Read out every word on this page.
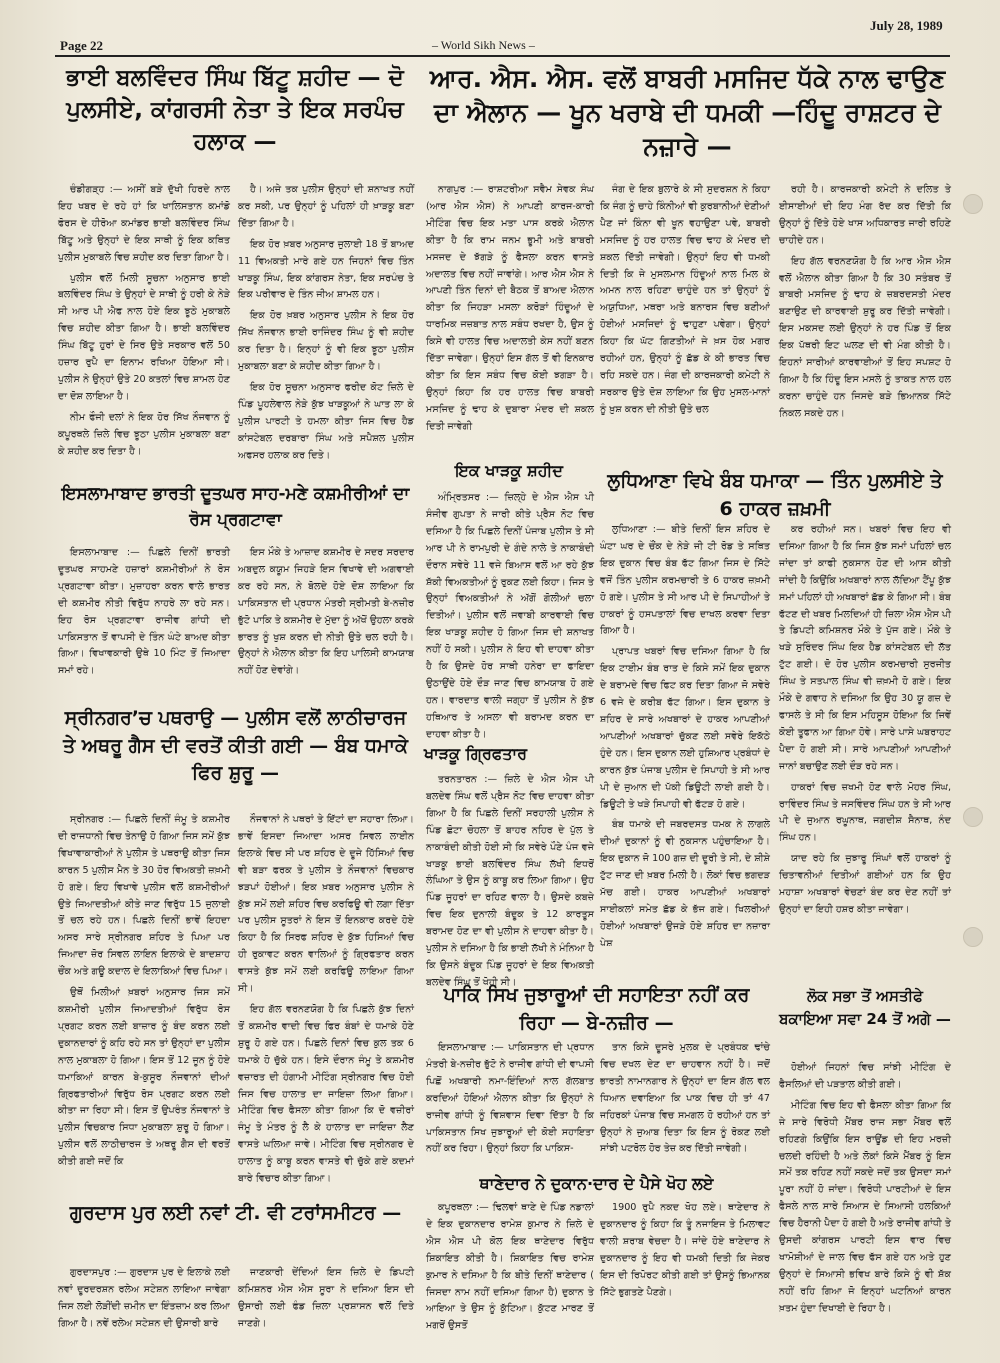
Page 22	– World Sikh News –
July 28, 1989
ਭਾਈ ਬਲਵਿੰਦਰ ਸਿੰਘ ਬਿੱਟੂ ਸ਼ਹੀਦ — ਦੋ ਪੁਲਸੀਏ, ਕਾਂਗਰਸੀ ਨੇਤਾ ਤੇ ਇਕ ਸਰਪੰਚ ਹਲਾਕ —

ਚੰਡੀਗੜ੍ਹ :— ਅਸੀਂ ਬੜੇ ਦੁੱਖੀ ਹਿਰਦੇ ਨਾਲ ਇਹ ਖਬਰ ਦੇ ਰਹੇ ਹਾਂ ਕਿ ਖਾਲਿਸਤਾਨ ਕਮਾਂਡੋ ਫੋਰਸ ਦੇ ਹੀਰੋਆ ਕਮਾਂਡਰ ਭਾਈ ਬਲਵਿੰਦਰ ਸਿੰਘ ਬਿੱਟੂ ਅਤੇ ਉਨ੍ਹਾਂ ਦੇ ਇਕ ਸਾਥੀ ਨੂੰ ਇਕ ਕਥਿਤ ਪੁਲੀਸ ਮੁਕਾਬਲੇ ਵਿਚ ਸ਼ਹੀਦ ਕਰ ਦਿਤਾ ਗਿਆ ਹੈ।

ਪੁਲੀਸ ਵਲੋਂ ਮਿਲੀ ਸੂਚਨਾ ਅਨੁਸਾਰ ਭਾਈ ਬਲਵਿੰਦਰ ਸਿੰਘ ਤੇ ਉਨ੍ਹਾਂ ਦੇ ਸਾਥੀ ਨੂੰ ਹਰੀ ਕੇ ਨੇੜੇ ਸੀ ਆਰ ਪੀ ਐਫ ਨਾਲ ਹੋਏ ਇਕ ਝੂਠੇ ਮੁਕਾਬਲੇ ਵਿਚ ਸ਼ਹੀਦ ਕੀਤਾ ਗਿਆ ਹੈ। ਭਾਈ ਬਲਵਿੰਦਰ ਸਿੰਘ ਬਿੱਟੂ ਹੁਰਾਂ ਦੇ ਸਿਰ ਉਤੇ ਸਰਕਾਰ ਵਲੋਂ 50 ਹਜ਼ਾਰ ਰੁਪੈ ਦਾ ਇਨਾਮ ਰਖਿਆ ਹੋਇਆ ਸੀ। ਪੁਲੀਸ ਨੇ ਉਨ੍ਹਾਂ ਉਤੇ 20 ਕਤਲਾਂ ਵਿਚ ਸ਼ਾਮਲ ਹੋਣ ਦਾ ਦੋਸ਼ ਲਾਇਆ ਹੈ।

ਨੀਮ ਫੌਜੀ ਦਲਾਂ ਨੇ ਇਕ ਹੋਰ ਸਿੱਖ ਨੌਜਵਾਨ ਨੂੰ ਕਪੂਰਥਲੇ ਜ਼ਿਲੇ ਵਿਚ ਝੂਠਾ ਪੁਲੀਸ ਮੁਕਾਬਲਾ ਬਣਾ ਕੇ ਸ਼ਹੀਦ ਕਰ ਦਿਤਾ ਹੈ।

ਹੈ। ਅਜੇ ਤਕ ਪੁਲੀਸ ਉਨ੍ਹਾਂ ਦੀ ਸ਼ਨਾਖਤ ਨਹੀਂ ਕਰ ਸਕੀ, ਪਰ ਉਨ੍ਹਾਂ ਨੂੰ ਪਹਿਲਾਂ ਹੀ ਖ਼ਾੜਕੂ ਬਣਾ ਦਿੱਤਾ ਗਿਆ ਹੈ।

ਇਕ ਹੋਰ ਖ਼ਬਰ ਅਨੁਸਾਰ ਜੁਲਾਈ 18 ਤੋਂ ਬਾਅਦ 11 ਵਿਅਕਤੀ ਮਾਰੇ ਗਏ ਹਨ ਜਿਹਨਾਂ ਵਿਚ ਤਿੰਨ ਖਾੜਕੂ ਸਿੰਘ, ਇਕ ਕਾਂਗਰਸ ਨੇਤਾ, ਇਕ ਸਰਪੰਚ ਤੇ ਇਕ ਪਰੀਵਾਰ ਦੇ ਤਿੰਨ ਜੀਅ ਸ਼ਾਮਲ ਹਨ।

ਇਕ ਹੋਰ ਖ਼ਬਰ ਅਨੁਸਾਰ ਪੁਲੀਸ ਨੇ ਇਕ ਹੋਰ ਸਿੱਖ ਨੌਜਵਾਨ ਭਾਈ ਰਾਜਿੰਦਰ ਸਿੰਘ ਨੂੰ ਵੀ ਸ਼ਹੀਦ ਕਰ ਦਿਤਾ ਹੈ। ਇਨ੍ਹਾਂ ਨੂੰ ਵੀ ਇਕ ਝੂਠਾ ਪੁਲੀਸ ਮੁਕਾਬਲਾ ਬਣਾ ਕੇ ਸ਼ਹੀਦ ਕੀਤਾ ਗਿਆ ਹੈ।

ਇਕ ਹੋਰ ਸੂਚਨਾ ਅਨੁਸਾਰ ਫਰੀਦ ਕੋਟ ਜ਼ਿਲੇ ਦੇ ਪਿੰਡ ਪੂਹਲੇਵਾਲ ਨੇੜੇ ਕੁੱਝ ਖਾੜਕੂਆਂ ਨੇ ਘਾਤ ਲਾ ਕੇ ਪੁਲੀਸ ਪਾਰਟੀ ਤੇ ਹਮਲਾ ਕੀਤਾ ਜਿਸ ਵਿਚ ਹੈਡ ਕਾਂਸਟੇਬਲ ਦਰਬਾਰਾ ਸਿੰਘ ਅਤੇ ਸਪੈਸ਼ਲ ਪੁਲੀਸ ਅਫਸਰ ਹਲਾਕ ਕਰ ਦਿਤੇ।

ਆਰ. ਐਸ. ਐਸ. ਵਲੋਂ ਬਾਬਰੀ ਮਸਜਿਦ ਧੱਕੇ ਨਾਲ ਢਾਉਣ ਦਾ ਐਲਾਨ — ਖੂਨ ਖਰਾਬੇ ਦੀ ਧਮਕੀ —ਹਿੰਦੂ ਰਾਸ਼ਟਰ ਦੇ ਨਜ਼ਾਰੇ —

ਨਾਗਪੁਰ :— ਰਾਸ਼ਟਰੀਆ ਸਵੈਮ ਸੇਵਕ ਸੰਘ (ਆਰ ਐਸ ਐਸ) ਨੇ ਆਪਣੀ ਕਾਰਜ-ਕਾਰੀ ਮੀਟਿੰਗ ਵਿਚ ਇਕ ਮਤਾ ਪਾਸ ਕਰਕੇ ਐਲਾਨ ਕੀਤਾ ਹੈ ਕਿ ਰਾਮ ਜਨਮ ਭੂਮੀ ਅਤੇ ਬਾਬਰੀ ਮਸਜਦ ਦੇ ਝੱਗੜੇ ਨੂੰ ਫੈਸਲਾ ਕਰਨ ਵਾਸਤੇ ਅਦਾਲਤ ਵਿਚ ਨਹੀਂ ਜਾਵਾਂਗੇ। ਆਰ ਐਸ ਐਸ ਨੇ ਆਪਣੀ ਤਿੰਨ ਦਿਨਾਂ ਦੀ ਬੈਠਕ ਤੋਂ ਬਾਅਦ ਐਲਾਨ ਕੀਤਾ ਕਿ ਜਿਹੜਾ ਮਸਲਾ ਕਰੋੜਾਂ ਹਿੰਦੂਆਂ ਦੇ ਧਾਰਮਿਕ ਜਜ਼ਬਾਤ ਨਾਲ ਸਬੰਧ ਰਖਦਾ ਹੈ, ਉਸ ਨੂੰ ਕਿਸੇ ਵੀ ਹਾਲਤ ਵਿਚ ਅਦਾਲਤੀ ਕੇਸ ਨਹੀਂ ਬਣਨ ਦਿੱਤਾ ਜਾਵੇਗਾ। ਉਨ੍ਹਾਂ ਇਸ ਗੱਲ ਤੋਂ ਵੀ ਇਨਕਾਰ ਕੀਤਾ ਕਿ ਇਸ ਸਬੰਧ ਵਿਚ ਕੋਈ ਝਗੜਾ ਹੈ। ਉਨ੍ਹਾਂ ਕਿਹਾ ਕਿ ਹਰ ਹਾਲਤ ਵਿਚ ਬਾਬਰੀ ਮਸਜਿਦ ਨੂੰ ਢਾਹ ਕੇ ਦੁਬਾਰਾ ਮੰਦਰ ਦੀ ਸ਼ਕਲ ਦਿਤੀ ਜਾਵੇਗੀ

ਜੰਗ ਦੇ ਇਕ ਬੁਲਾਰੇ ਕੇ ਸੀ ਸੁਦਰਸ਼ਨ ਨੇ ਕਿਹਾ ਕਿ ਜੰਗ ਨੂੰ ਚਾਹੇ ਕਿੰਨੀਆਂ ਵੀ ਕੁਰਬਾਨੀਆਂ ਦੇਣੀਆਂ ਪੈਣ ਜਾਂ ਕਿੰਨਾ ਵੀ ਖੂਨ ਵਹਾਉਣਾ ਪਵੇ, ਬਾਬਰੀ ਮਸਜਿਦ ਨੂੰ ਹਰ ਹਾਲਤ ਵਿਚ ਢਾਹ ਕੇ ਮੰਦਰ ਦੀ ਸ਼ਕਲ ਦਿੱਤੀ ਜਾਵੇਗੀ। ਉਨ੍ਹਾਂ ਇਹ ਵੀ ਧਮਕੀ ਦਿਤੀ ਕਿ ਜੇ ਮੁਸਲਮਾਨ ਹਿੰਦੂਆਂ ਨਾਲ ਮਿਲ ਕੇ ਅਮਨ ਨਾਲ ਰਹਿਣਾ ਚਾਹੁੰਦੇ ਹਨ ਤਾਂ ਉਨ੍ਹਾਂ ਨੂੰ ਅਯੁਧਿਆ, ਮਥਰਾ ਅਤੇ ਬਨਾਰਸ ਵਿਚ ਬਣੀਆਂ ਹੋਈਆਂ ਮਸਜਿਦਾਂ ਨੂੰ ਢਾਹੁਣਾ ਪਵੇਗਾ। ਉਨ੍ਹਾਂ ਕਿਹਾ ਕਿ ਘੱਟ ਗਿਣਤੀਆਂ ਜੇ ਖ਼ਸ ਹੋਕ ਮਗਰ ਰਹੀਆਂ ਹਨ, ਉਨ੍ਹਾਂ ਨੂੰ ਛੱਡ ਕੇ ਕੀ ਭਾਰਤ ਵਿਚ ਰਹਿ ਸਕਦੇ ਹਨ। ਜੰਗ ਦੀ ਕਾਰਜਕਾਰੀ ਕਮੇਟੀ ਨੇ ਸਰਕਾਰ ਉਤੇ ਦੋਸ਼ ਲਾਇਆ ਕਿ ਉਹ ਮੁਸਲ-ਮਾਨਾਂ ਨੂੰ ਖ਼ੁਸ਼ ਕਰਨ ਦੀ ਨੀਤੀ ਉਤੇ ਚਲ

ਰਹੀ ਹੈ। ਕਾਰਜਕਾਰੀ ਕਮੇਟੀ ਨੇ ਦਲਿਤ ਤੇ ਈਸਾਈਆਂ ਦੀ ਇਹ ਮੰਗ ਰੱਦ ਕਰ ਦਿੱਤੀ ਕਿ ਉਨ੍ਹਾਂ ਨੂੰ ਦਿੱਤੇ ਹੋਏ ਖਾਸ ਅਧਿਕਾਰਤ ਜਾਰੀ ਰਹਿਣੇ ਚਾਹੀਦੇ ਹਨ।

ਇਹ ਗੱਲ ਵਰਨਣਯੋਗ ਹੈ ਕਿ ਆਰ ਐਸ ਐਸ ਵਲੋਂ ਐਲਾਨ ਕੀਤਾ ਗਿਆ ਹੈ ਕਿ 30 ਸਤੰਬਰ ਤੋਂ ਬਾਬਰੀ ਮਸਜਿਦ ਨੂੰ ਢਾਹ ਕੇ ਜ਼ਬਰਦਸਤੀ ਮੰਦਰ ਬਣਾਉਣ ਦੀ ਕਾਰਵਾਈ ਸ਼ੁਰੂ ਕਰ ਦਿੱਤੀ ਜਾਵੇਗੀ। ਇਸ ਮਕਸਦ ਲਈ ਉਨ੍ਹਾਂ ਨੇ ਹਰ ਪਿੰਡ ਤੋਂ ਇਕ ਇਕ ਪੱਥਰੀ ਇਟ ਘਲਣ ਦੀ ਵੀ ਮੰਗ ਕੀਤੀ ਹੈ। ਇਹਨਾਂ ਸਾਰੀਆਂ ਕਾਰਵਾਈਆਂ ਤੋਂ ਇਹ ਸਪਸ਼ਟ ਹੋ ਗਿਆ ਹੈ ਕਿ ਹਿੰਦੂ ਇਸ ਮਸਲੇ ਨੂੰ ਤਾਕਤ ਨਾਲ ਹਲ ਕਰਨਾ ਚਾਹੁੰਦੇ ਹਨ ਜਿਸਦੇ ਬੜੇ ਭਿਆਨਕ ਸਿੱਟੇ ਨਿਕਲ ਸਕਦੇ ਹਨ।

ਇਸਲਾਮਾਬਾਦ ਭਾਰਤੀ ਦੂਤਘਰ ਸਾਹ-ਮਣੇ ਕਸ਼ਮੀਰੀਆਂ ਦਾ ਰੋਸ ਪ੍ਰਗਟਾਵਾ

ਇਸਲਾਮਾਬਾਦ :— ਪਿਛਲੇ ਦਿਨੀਂ ਭਾਰਤੀ ਦੂਤਘਰ ਸਾਹਮਣੇ ਹਜ਼ਾਰਾਂ ਕਸ਼ਮੀਰੀਆਂ ਨੇ ਰੋਸ ਪ੍ਰਗਟਾਵਾ ਕੀਤਾ। ਮੁਜ਼ਾਹਰਾ ਕਰਨ ਵਾਲੇ ਭਾਰਤ ਦੀ ਕਸ਼ਮੀਰ ਨੀਤੀ ਵਿਰੁੱਧ ਨਾਹਰੇ ਲਾ ਰਹੇ ਸਨ। ਇਹ ਰੋਸ ਪ੍ਰਗਟਾਵਾ ਰਾਜੀਵ ਗਾਂਧੀ ਦੀ ਪਾਕਿਸਤਾਨ ਤੋਂ ਵਾਪਸੀ ਦੇ ਤਿੰਨ ਘੰਟੇ ਬਾਅਦ ਕੀਤਾ ਗਿਆ। ਵਿਖਾਵਕਾਰੀ ਉਥੇ 10 ਮਿੰਟ ਤੋਂ ਜਿਆਦਾ ਸਮਾਂ ਰਹੇ।

ਇਸ ਮੌਕੇ ਤੇ ਆਜ਼ਾਦ ਕਸ਼ਮੀਰ ਦੇ ਸਦਰ ਸਰਦਾਰ ਅਬਦੁਲ ਕਯੂਮ ਜਿਹੜੇ ਇਸ ਵਿਖਾਵੇ ਦੀ ਅਗਵਾਈ ਕਰ ਰਹੇ ਸਨ, ਨੇ ਬੋਲਦੇ ਹੋਏ ਦੋਸ਼ ਲਾਇਆ ਕਿ ਪਾਕਿਸਤਾਨ ਦੀ ਪ੍ਰਧਾਨ ਮੰਤਰੀ ਸ੍ਰੀਮਤੀ ਬੇ-ਨਜ਼ੀਰ ਭੁੱਟੋ ਪਾਕਿ ਤੇ ਕਸ਼ਮੀਰ ਦੇ ਮੁੱਦਾ ਨੂੰ ਅੱਖੋਂ ਉਹਲਾ ਕਰਕੇ ਭਾਰਤ ਨੂੰ ਖੁਸ਼ ਕਰਨ ਦੀ ਨੀਤੀ ਉਤੇ ਚਲ ਰਹੀ ਹੈ। ਉਨ੍ਹਾਂ ਨੇ ਐਲਾਨ ਕੀਤਾ ਕਿ ਇਹ ਪਾਲਿਸੀ ਕਾਮਯਾਬ ਨਹੀਂ ਹੋਣ ਦੇਵਾਂਗੇ।

ਸ੍ਰੀਨਗਰ’ਚ ਪਥਰਾਉ — ਪੁਲੀਸ ਵਲੋਂ ਲਾਠੀਚਾਰਜ ਤੇ ਅਥਰੂ ਗੈਸ ਦੀ ਵਰਤੋਂ ਕੀਤੀ ਗਈ — ਬੰਬ ਧਮਾਕੇ ਫਿਰ ਸ਼ੁਰੂ —

ਸ੍ਰੀਨਗਰ :— ਪਿਛਲੇ ਦਿਨੀਂ ਜੰਮੂ ਤੇ ਕਸ਼ਮੀਰ ਦੀ ਰਾਜਧਾਨੀ ਵਿਚ ਤੇਨਾਉ ਹੋ ਗਿਆ ਜਿਸ ਸਮੇਂ ਕੁੱਝ ਵਿਖਾਵਾਕਾਰੀਆਂ ਨੇ ਪੁਲੀਸ ਤੇ ਪਥਰਾਉ ਕੀਤਾ ਜਿਸ ਕਾਰਨ 5 ਪੁਲੀਸ ਮੈਨ ਤੇ 30 ਹੋਰ ਵਿਅਕਤੀ ਜ਼ਖ਼ਮੀ ਹੋ ਗਏ। ਇਹ ਵਿਖਾਵੇ ਪੁਲੀਸ ਵਲੋਂ ਕਸ਼ਮੀਰੀਆਂ ਉਤੇ ਜਿਆਦਤੀਆਂ ਕੀਤੇ ਜਾਣ ਵਿਰੁੱਧ 15 ਜੁਲਾਈ ਤੋਂ ਚਲ ਰਹੇ ਹਨ। ਪਿਛਲੇ ਦਿਨੀਂ ਭਾਵੇਂ ਇਹਦਾ ਅਸਰ ਸਾਰੇ ਸ੍ਰੀਨਗਰ ਸ਼ਹਿਰ ਤੇ ਪਿਆ ਪਰ ਜਿਆਦਾ ਜ਼ੋਰ ਸਿਵਲ ਲਾਇਨ ਇਲਾਕੇ ਦੇ ਬਾਦਸ਼ਾਹ ਚੌਂਕ ਅਤੇ ਗਊ ਕਦਾਲ ਦੇ ਇਲਾਕਿਆਂ ਵਿਚ ਪਿਆ।

ਉਥੋਂ ਮਿਲੀਆਂ ਖ਼ਬਰਾਂ ਅਨੁਸਾਰ ਜਿਸ ਸਮੇਂ ਕਸ਼ਮੀਰੀ ਪੁਲੀਸ ਜਿਆਦਤੀਆਂ ਵਿਰੁੱਧ ਰੋਸ ਪ੍ਰਗਟ ਕਰਨ ਲਈ ਬਾਜ਼ਾਰ ਨੂੰ ਬੰਦ ਕਰਨ ਲਈ ਦੁਕਾਨਦਾਰਾਂ ਨੂੰ ਕਹਿ ਰਹੇ ਸਨ ਤਾਂ ਉਨ੍ਹਾਂ ਦਾ ਪੁਲੀਸ ਨਾਲ ਮੁਕਾਬਲਾ ਹੋ ਗਿਆ। ਇਸ ਤੋਂ 12 ਜੂਨ ਨੂੰ ਹੋਏ ਧਮਾਕਿਆਂ ਕਾਰਨ ਬੇ-ਕੁਸੂਰ ਨੌਜਵਾਨਾਂ ਦੀਆਂ ਗ੍ਰਿਫਤਾਰੀਆਂ ਵਿਰੁੱਧ ਰੋਸ ਪ੍ਰਗਟ ਕਰਨ ਲਈ ਕੀਤਾ ਜਾ ਰਿਹਾ ਸੀ। ਇਸ ਤੋਂ ਉਪਰੰਤ ਨੌਜਵਾਨਾਂ ਤੇ ਪੁਲੀਸ ਵਿਚਕਾਰ ਸਿਧਾ ਮੁਕਾਬਲਾ ਸ਼ੁਰੂ ਹੋ ਗਿਆ। ਪੁਲੀਸ ਵਲੋਂ ਲਾਠੀਚਾਰਜ ਤੇ ਅਥਰੂ ਗੈਸ ਦੀ ਵਰਤੋਂ ਕੀਤੀ ਗਈ ਜਦੋਂ ਕਿ

ਨੌਜਵਾਨਾਂ ਨੇ ਪਥਰਾਂ ਤੇ ਇੱਟਾਂ ਦਾ ਸਹਾਰਾ ਲਿਆ। ਭਾਵੇਂ ਇਸਦਾ ਜਿਆਦਾ ਅਸਰ ਸਿਵਲ ਲਾਈਨ ਇਲਾਕੇ ਵਿਚ ਸੀ ਪਰ ਸ਼ਹਿਰ ਦੇ ਦੂਜੇ ਹਿੱਸਿਆਂ ਵਿਚ ਵੀ ਬੜਾ ਫਰਕ ਤੇ ਪੁਲੀਸ ਤੇ ਨੌਜਵਾਨਾਂ ਵਿਚਕਾਰ ਝੜਪਾਂ ਹੋਈਆਂ। ਇਕ ਖ਼ਬਰ ਅਨੁਸਾਰ ਪੁਲੀਸ ਨੇ ਕੁੱਝ ਸਮੇਂ ਲਈ ਸ਼ਹਿਰ ਵਿਚ ਕਰਫਿਊ ਵੀ ਲਗਾ ਦਿੱਤਾ ਪਰ ਪੁਲੀਸ ਸੂਤਰਾਂ ਨੇ ਇਸ ਤੋਂ ਇਨਕਾਰ ਕਰਦੇ ਹੋਏ ਕਿਹਾ ਹੈ ਕਿ ਸਿਰਫ ਸ਼ਹਿਰ ਦੇ ਕੁੱਝ ਹਿਸਿਆਂ ਵਿਚ ਹੀ ਰੁਕਾਵਟ ਕਰਨ ਵਾਲਿਆਂ ਨੂੰ ਗ੍ਰਿਫਤਾਰ ਕਰਨ ਵਾਸਤੇ ਕੁੱਝ ਸਮੇਂ ਲਈ ਕਰਫਿਊ ਲਾਇਆ ਗਿਆ ਸੀ।

ਇਹ ਗੱਲ ਵਰਨਣਯੋਗ ਹੈ ਕਿ ਪਿਛਲੇ ਕੁੱਝ ਦਿਨਾਂ ਤੋਂ ਕਸ਼ਮੀਰ ਵਾਦੀ ਵਿਚ ਫਿਰ ਬੰਬਾਂ ਦੇ ਧਮਾਕੇ ਹੋਣੇ ਸ਼ੁਰੂ ਹੋ ਗਏ ਹਨ। ਪਿਛਲੇ ਦਿਨਾਂ ਵਿਚ ਕੁਲ ਤਕ 6 ਧਮਾਕੇ ਹੋ ਚੁੱਕੇ ਹਨ। ਇਸੇ ਦੌਰਾਨ ਜੰਮੂ ਤੇ ਕਸ਼ਮੀਰ ਵਜ਼ਾਰਤ ਦੀ ਹੰਗਾਮੀ ਮੀਟਿੰਗ ਸ੍ਰੀਨਗਰ ਵਿਚ ਹੋਈ ਜਿਸ ਵਿਚ ਹਾਲਾਤ ਦਾ ਜਾਇਜ਼ਾ ਲਿਆ ਗਿਆ। ਮੀਟਿੰਗ ਵਿਚ ਫੈਸਲਾ ਕੀਤਾ ਗਿਆ ਕਿ ਦੋ ਵਜ਼ੀਰਾਂ ਜੰਮੂ ਤੇ ਮੰਤਰ ਨੂੰ ਲੈ ਕੇ ਹਾਲਾਤ ਦਾ ਜਾਇਜ਼ਾ ਲੈਣ ਵਾਸਤੇ ਘਲਿਆ ਜਾਵੇ। ਮੀਟਿੰਗ ਵਿਚ ਸ੍ਰੀਨਗਰ ਦੇ ਹਾਲਾਤ ਨੂੰ ਕਾਬੂ ਕਰਨ ਵਾਸਤੇ ਵੀ ਚੁੱਕੇ ਗਏ ਕਦਮਾਂ ਬਾਰੇ ਵਿਚਾਰ ਕੀਤਾ ਗਿਆ।

ਗੁਰਦਾਸ ਪੁਰ ਲਈ ਨਵਾਂ ਟੀ. ਵੀ ਟਰਾਂਸਮੀਟਰ —

ਗੁਰਦਾਸਪੁਰ :— ਗੁਰਦਾਸ ਪੁਰ ਦੇ ਇਲਾਕੇ ਲਈ ਨਵਾਂ ਦੂਰਦਰਸ਼ਨ ਰਲੇਅ ਸਟੇਸ਼ਨ ਲਾਇਆ ਜਾਵੇਗਾ ਜਿਸ ਲਈ ਲੋੜੀਂਦੀ ਜ਼ਮੀਨ ਦਾ ਇੰਤਜ਼ਾਮ ਕਰ ਲਿਆ ਗਿਆ ਹੈ। ਨਵੇਂ ਰਲੇਅ ਸਟੇਸ਼ਨ ਦੀ ਉਸਾਰੀ ਬਾਰੇ

ਜਾਣਕਾਰੀ ਦੇਂਦਿਆਂ ਇਸ ਜ਼ਿਲੇ ਦੇ ਡਿਪਟੀ ਕਮਿਸ਼ਨਰ ਐਸ ਐਸ ਸੂਰਾ ਨੇ ਦਸਿਆ ਇਸ ਦੀ ਉਸਾਰੀ ਲਈ ਫੰਡ ਜ਼ਿਲਾ ਪ੍ਰਸ਼ਾਸਨ ਵਲੋਂ ਦਿਤੇ ਜਾਣਗੇ।

ਇਕ ਖਾੜਕੂ ਸ਼ਹੀਦ

ਅੰਮ੍ਰਿਤਸਰ :— ਜ਼ਿਲ੍ਹੇ ਦੇ ਐਸ ਐਸ ਪੀ ਸੰਜੀਵ ਗੁਪਤਾ ਨੇ ਜਾਰੀ ਕੀਤੇ ਪ੍ਰੈਸ ਨੋਟ ਵਿਚ ਦਸਿਆ ਹੈ ਕਿ ਪਿਛਲੇ ਦਿਨੀਂ ਪੰਜਾਬ ਪੁਲੀਸ ਤੇ ਸੀ ਆਰ ਪੀ ਨੇ ਰਾਮਪੁਰੀ ਦੇ ਗੰਦੇ ਨਾਲੇ ਤੇ ਨਾਕਾਬੰਦੀ ਦੌਰਾਨ ਸਵੇਰੇ 11 ਵਜੇ ਬਿਆਸ ਵਲੋਂ ਆ ਰਹੇ ਕੁੱਝ ਸ਼ੱਕੀ ਵਿਅਕਤੀਆਂ ਨੂੰ ਰੁਕਣ ਲਈ ਕਿਹਾ। ਜਿਸ ਤੇ ਉਨ੍ਹਾਂ ਵਿਅਕਤੀਆਂ ਨੇ ਅੱਗੋਂ ਗੋਲੀਆਂ ਚਲਾ ਦਿਤੀਆਂ। ਪੁਲੀਸ ਵਲੋਂ ਜਵਾਬੀ ਕਾਰਵਾਈ ਵਿਚ ਇਕ ਖਾੜਕੂ ਸ਼ਹੀਦ ਹੋ ਗਿਆ ਜਿਸ ਦੀ ਸ਼ਨਾਖਤ ਨਹੀਂ ਹੋ ਸਕੀ। ਪੁਲੀਸ ਨੇ ਇਹ ਵੀ ਦਾਹਵਾ ਕੀਤਾ ਹੈ ਕਿ ਉਸਦੇ ਹੋਰ ਸਾਥੀ ਹਨੇਰਾ ਦਾ ਫਾਇਦਾ ਉਠਾਉਂਦੇ ਹੋਏ ਦੌੜ ਜਾਣ ਵਿਚ ਕਾਮਯਾਬ ਹੋ ਗਏ ਹਨ। ਵਾਰਦਾਤ ਵਾਲੀ ਜਗ੍ਹਾ ਤੋਂ ਪੁਲੀਸ ਨੇ ਕੁੱਝ ਹਥਿਆਰ ਤੇ ਅਸਲਾ ਵੀ ਬਰਾਮਦ ਕਰਨ ਦਾ ਦਾਹਵਾ ਕੀਤਾ ਹੈ।

ਖਾੜਕੂ ਗ੍ਰਿਫਤਾਰ

ਤਰਨਤਾਰਨ :— ਜ਼ਿਲੇ ਦੇ ਐਸ ਐਸ ਪੀ ਬਲਦੇਵ ਸਿੰਘ ਵਲੋਂ ਪ੍ਰੈਸ ਨੋਟ ਵਿਚ ਦਾਹਵਾ ਕੀਤਾ ਗਿਆ ਹੈ ਕਿ ਪਿਛਲੇ ਦਿਨੀਂ ਸਰਹਾਲੀ ਪੁਲੀਸ ਨੇ ਪਿੰਡ ਛੋਟਾ ਚੋਹਲਾ ਤੋਂ ਬਾਹਰ ਨਹਿਰ ਦੇ ਪੁੱਲ ਤੇ ਨਾਕਾਬੰਦੀ ਕੀਤੀ ਹੋਈ ਸੀ ਕਿ ਸਵੇਰੇ ਪੌਣੇ ਪੰਜ ਵਜੇ ਖਾੜਕੂ ਭਾਈ ਬਲਵਿੰਦਰ ਸਿੰਘ ਲੱਖੀ ਇਧਰੋਂ ਲੰਘਿਆ ਤੇ ਉਸ ਨੂੰ ਕਾਬੂ ਕਰ ਲਿਆ ਗਿਆ। ਉਹ ਪਿੰਡ ਜੂਹਰਾਂ ਦਾ ਰਹਿਣ ਵਾਲਾ ਹੈ। ਉਸਦੇ ਕਬਜ਼ੇ ਵਿਚ ਇਕ ਦੁਨਾਲੀ ਬੰਦੂਕ ਤੇ 12 ਕਾਰਤੂਸ ਬਰਾਮਦ ਹੋਣ ਦਾ ਵੀ ਪੁਲੀਸ ਨੇ ਦਾਹਵਾ ਕੀਤਾ ਹੈ। ਪੁਲੀਸ ਨੇ ਦਸਿਆ ਹੈ ਕਿ ਭਾਈ ਲੱਖੀ ਨੇ ਮੰਨਿਆ ਹੈ ਕਿ ਉਸਨੇ ਬੰਦੂਕ ਪਿੰਡ ਜੂਹਰਾਂ ਦੇ ਇਕ ਵਿਅਕਤੀ ਬਲਦੇਵ ਸਿੰਘ ਤੋਂ ਖੋਹੀ ਸੀ।

ਲੁਧਿਆਣਾ ਵਿਖੇ ਬੰਬ ਧਮਾਕਾ — ਤਿੰਨ ਪੁਲਸੀਏ ਤੇ 6 ਹਾਕਰ ਜ਼ਖ਼ਮੀ

ਲੁਧਿਆਣਾ :— ਬੀਤੇ ਦਿਨੀਂ ਇਸ ਸ਼ਹਿਰ ਦੇ ਘੰਟਾ ਘਰ ਦੇ ਚੌਂਕ ਦੇ ਨੇੜੇ ਜੀ ਟੀ ਰੋਡ ਤੇ ਸਥਿਤ ਇਕ ਦੁਕਾਨ ਵਿਚ ਬੰਬ ਫੱਟ ਗਿਆ ਜਿਸ ਦੇ ਸਿੱਟੇ ਵਜੋਂ ਤਿੰਨ ਪੁਲੀਸ ਕਰਮਚਾਰੀ ਤੇ 6 ਹਾਕਰ ਜ਼ਖ਼ਮੀ ਹੋ ਗਏ। ਪੁਲੀਸ ਤੇ ਸੀ ਆਰ ਪੀ ਦੇ ਸਿਪਾਹੀਆਂ ਤੇ ਹਾਕਰਾਂ ਨੂੰ ਹਸਪਤਾਲਾਂ ਵਿਚ ਦਾਖਲ ਕਰਵਾ ਦਿਤਾ ਗਿਆ ਹੈ।

ਪ੍ਰਾਪਤ ਖਬਰਾਂ ਵਿਚ ਦਸਿਆ ਗਿਆ ਹੈ ਕਿ ਇਕ ਟਾਈਮ ਬੰਬ ਰਾਤ ਦੇ ਕਿਸੇ ਸਮੇਂ ਇਕ ਦੁਕਾਨ ਦੇ ਬਰਾਮਦੇ ਵਿਚ ਫਿਟ ਕਰ ਦਿਤਾ ਗਿਆ ਜੋ ਸਵੇਰੇ 6 ਵਜੇ ਦੇ ਕਰੀਬ ਫੱਟ ਗਿਆ। ਇਸ ਦੁਕਾਨ ਤੇ ਸ਼ਹਿਰ ਦੇ ਸਾਰੇ ਅਖਬਾਰਾਂ ਦੇ ਹਾਕਰ ਆਪਣੀਆਂ ਆਪਣੀਆਂ ਅਖਬਾਰਾਂ ਚੁੱਕਣ ਲਈ ਸਵੇਰੇ ਇਕੱਠੇ ਹੁੰਦੇ ਹਨ। ਇਸ ਦੁਕਾਨ ਲਈ ਹੁਸ਼ਿਆਰ ਪ੍ਰਬੰਧਾਂ ਦੇ ਕਾਰਨ ਕੁੱਝ ਪੰਜਾਬ ਪੁਲੀਸ ਦੇ ਸਿਪਾਹੀ ਤੇ ਸੀ ਆਰ ਪੀ ਦੇ ਜੁਆਨ ਦੀ ਪੱਕੀ ਡਿਊਟੀ ਲਾਈ ਗਈ ਹੈ। ਡਿਊਟੀ ਤੇ ਖੜੇ ਸਿਪਾਹੀ ਵੀ ਫੱਟੜ ਹੋ ਗਏ।

ਬੰਬ ਧਮਾਕੇ ਦੀ ਜਬਰਦਸਤ ਧਮਕ ਨੇ ਲਾਗਲੇ ਦੀਆਂ ਦੁਕਾਨਾਂ ਨੂੰ ਵੀ ਨੁਕਸਾਨ ਪਹੁੰਚਾਇਆ ਹੈ। ਇਕ ਦੁਕਾਨ ਜੋ 100 ਗਜ਼ ਦੀ ਦੂਰੀ ਤੇ ਸੀ, ਦੇ ਸ਼ੀਸ਼ੇ ਟੁੱਟ ਜਾਣ ਦੀ ਖ਼ਬਰ ਮਿਲੀ ਹੈ। ਲੋਕਾਂ ਵਿਚ ਭਗਦੜ ਮੱਚ ਗਈ। ਹਾਕਰ ਆਪਣੀਆਂ ਅਖਬਾਰਾਂ ਸਾਈਕਲਾਂ ਸਮੇਤ ਛੱਡ ਕੇ ਭੱਜ ਗਏ। ਖਿਲਰੀਆਂ ਹੋਈਆਂ ਅਖਬਾਰਾਂ ਉਜੜੇ ਹੋਏ ਸ਼ਹਿਰ ਦਾ ਨਜ਼ਾਰਾ ਪੇਸ਼

ਕਰ ਰਹੀਆਂ ਸਨ। ਖਬਰਾਂ ਵਿਚ ਇਹ ਵੀ ਦਸਿਆ ਗਿਆ ਹੈ ਕਿ ਜਿਸ ਕੁੱਝ ਸਮਾਂ ਪਹਿਲਾਂ ਚਲ ਜਾਂਦਾ ਤਾਂ ਕਾਫੀ ਨੁਕਸਾਨ ਹੋਣ ਦੀ ਆਸ ਕੀਤੀ ਜਾਂਦੀ ਹੈ ਕਿਉਂਕਿ ਅਖਬਾਰਾਂ ਨਾਲ ਲੱਦਿਆ ਟੈਂਪੂ ਕੁੱਝ ਸਮਾਂ ਪਹਿਲਾਂ ਹੀ ਅਖਬਾਰਾਂ ਛੱਡ ਕੇ ਗਿਆ ਸੀ। ਬੰਬ ਫੱਟਣ ਦੀ ਖਬਰ ਮਿਲਦਿਆਂ ਹੀ ਜ਼ਿਲਾ ਐਸ ਐਸ ਪੀ ਤੇ ਡਿਪਟੀ ਕਮਿਸ਼ਨਰ ਮੌਕੇ ਤੇ ਪੁੱਜ ਗਏ। ਮੌਕੇ ਤੇ ਖੜੇ ਸੁਰਿੰਦਰ ਸਿੰਘ ਇਕ ਹੈਡ ਕਾਂਸਟੇਬਲ ਦੀ ਲੱਤ ਟੁੱਟ ਗਈ। ਦੋ ਹੋਰ ਪੁਲੀਸ ਕਰਮਚਾਰੀ ਸੁਰਜੀਤ ਸਿੰਘ ਤੇ ਸਤਪਾਲ ਸਿੰਘ ਵੀ ਜ਼ਖ਼ਮੀ ਹੋ ਗਏ। ਇਕ ਮੌਕੇ ਦੇ ਗਵਾਹ ਨੇ ਦਸਿਆ ਕਿ ਉਹ 30 ਯੂ ਗਜ਼ ਦੇ ਫਾਸਲੇ ਤੇ ਸੀ ਕਿ ਇਸ ਮਹਿਸੂਸ ਹੋਇਆ ਕਿ ਜਿਵੇਂ ਕੋਈ ਤੂਫਾਨ ਆ ਗਿਆ ਹੋਵੇ। ਸਾਰੇ ਪਾਸੇ ਘਬਰਾਹਟ ਪੈਦਾ ਹੋ ਗਈ ਸੀ। ਸਾਰੇ ਆਪਣੀਆਂ ਆਪਣੀਆਂ ਜਾਨਾਂ ਬਚਾਉਣ ਲਈ ਦੌੜ ਰਹੇ ਸਨ।

ਹਾਕਰਾਂ ਵਿਚ ਜ਼ਖਮੀ ਹੋਣ ਵਾਲੇ ਮੋਹਰ ਸਿੰਘ, ਰਾਵਿੰਦਰ ਸਿੰਘ ਤੇ ਜਸਵਿੰਦਰ ਸਿੰਘ ਹਨ ਤੇ ਸੀ ਆਰ ਪੀ ਦੇ ਜੁਆਨ ਰਘੂਨਾਥ, ਜਗਦੀਸ਼ ਸੈਨਾਥ, ਨੰਦ ਸਿੰਘ ਹਨ।

ਯਾਦ ਰਹੇ ਕਿ ਜੁਝਾਰੂ ਸਿੰਘਾਂ ਵਲੋਂ ਹਾਕਰਾਂ ਨੂੰ ਚਿਤਾਵਨੀਆਂ ਦਿਤੀਆਂ ਗਈਆਂ ਹਨ ਕਿ ਉਹ ਮਹਾਸ਼ਾ ਅਖਬਾਰਾਂ ਵੇਚਣਾਂ ਬੰਦ ਕਰ ਦੇਣ ਨਹੀਂ ਤਾਂ ਉਨ੍ਹਾਂ ਦਾ ਇਹੀ ਹਸ਼ਰ ਕੀਤਾ ਜਾਵੇਗਾ।

ਪਾਕਿ ਸਿਖ ਜੁਝਾਰੂਆਂ ਦੀ ਸਹਾਇਤਾ ਨਹੀਂ ਕਰ ਰਿਹਾ — ਬੇ-ਨਜ਼ੀਰ —

ਇਸਲਾਮਾਬਾਦ :— ਪਾਕਿਸਤਾਨ ਦੀ ਪ੍ਰਧਾਨ ਮੰਤਰੀ ਬੇ-ਨਜ਼ੀਰ ਭੁੱਟੋ ਨੇ ਰਾਜੀਵ ਗਾਂਧੀ ਦੀ ਵਾਪਸੀ ਪਿਛੋਂ ਅਖਬਾਰੀ ਨਮਾ-ਇੰਦਿਆਂ ਨਾਲ ਗੱਲਬਾਤ ਕਰਦਿਆਂ ਹੋਇਆਂ ਐਲਾਨ ਕੀਤਾ ਕਿ ਉਨ੍ਹਾਂ ਨੇ ਰਾਜੀਵ ਗਾਂਧੀ ਨੂੰ ਵਿਸ਼ਵਾਸ ਦਿਵਾ ਦਿੱਤਾ ਹੈ ਕਿ ਪਾਕਿਸਤਾਨ ਸਿਖ ਜੁਝਾਰੂਆਂ ਦੀ ਕੋਈ ਸਹਾਇਤਾ ਨਹੀਂ ਕਰ ਰਿਹਾ। ਉਨ੍ਹਾਂ ਕਿਹਾ ਕਿ ਪਾਕਿਸ-

ਤਾਨ ਕਿਸੇ ਦੂਸਰੇ ਮੁਲਕ ਦੇ ਪ੍ਰਬੰਧਕ ਢਾਂਚੇ ਵਿਚ ਦਖਲ ਦੇਣ ਦਾ ਚਾਹਵਾਨ ਨਹੀਂ ਹੈ। ਜਦੋਂ ਭਾਰਤੀ ਨਾਮਾਨਗਾਰ ਨੇ ਉਨ੍ਹਾਂ ਦਾ ਇਸ ਗੱਲ ਵਲ ਧਿਆਨ ਦਵਾਇਆ ਕਿ ਪਾਕ ਵਿਚ ਹੀ ਤਾਂ 47 ਜਹਿਰਕਾਂ ਪੰਜਾਬ ਵਿਚ ਸਮਗਲ ਹੋ ਰਹੀਆਂ ਹਨ ਤਾਂ ਉਨ੍ਹਾਂ ਨੇ ਜੁਆਬ ਦਿਤਾ ਕਿ ਇਸ ਨੂੰ ਰੋਕਣ ਲਈ ਸਾਂਝੀ ਪਟਰੋਲ ਹੋਰ ਤੇਜ਼ ਕਰ ਦਿੱਤੀ ਜਾਵੇਗੀ।

ਥਾਣੇਦਾਰ ਨੇ ਦੁਕਾਨ·ਦਾਰ ਦੇ ਪੈਸੇ ਖੋਹ ਲਏ

ਕਪੂਰਥਲਾ :— ਢਿਲਵਾਂ ਥਾਣੇ ਦੇ ਪਿੰਡ ਨਡਾਲਾਂ ਦੇ ਇਕ ਦੁਕਾਨਦਾਰ ਰਾਮੇਸ਼ ਕੁਮਾਰ ਨੇ ਜ਼ਿਲੇ ਦੇ ਐਸ ਐਸ ਪੀ ਕੋਲ ਇਕ ਥਾਣੇਦਾਰ ਵਿਰੁੱਧ ਸ਼ਿਕਾਇਤ ਕੀਤੀ ਹੈ। ਸ਼ਿਕਾਇਤ ਵਿਚ ਰਾਮੇਸ਼ ਕੁਮਾਰ ਨੇ ਦਸਿਆ ਹੈ ਕਿ ਬੀਤੇ ਦਿਨੀਂ ਥਾਣੇਦਾਰ ( ਜਿਸਦਾ ਨਾਮ ਨਹੀਂ ਦਸਿਆ ਗਿਆ ਹੈ) ਦੁਕਾਨ ਤੇ ਆਇਆ ਤੇ ਉਸ ਨੂੰ ਕੁੱਟਿਆ। ਕੁੱਟਣ ਮਾਰਣ ਤੋਂ ਮਗਰੋਂ ਉਸਤੋਂ

1900 ਰੁਪੈ ਨਕਦ ਖੋਹ ਲਏ। ਥਾਣੇਦਾਰ ਨੇ ਦੁਕਾਨਦਾਰ ਨੂੰ ਕਿਹਾ ਕਿ ਤੂੰ ਨਜਾਇਜ ਤੇ ਮਿਲਾਵਟ ਵਾਲੀ ਸ਼ਰਾਬ ਵੇਚਦਾ ਹੈ। ਜਾਂਦੇ ਹੋਏ ਥਾਣੇਦਾਰ ਨੇ ਦੁਕਾਨਦਾਰ ਨੂੰ ਇਹ ਵੀ ਧਮਕੀ ਦਿਤੀ ਕਿ ਜੇਕਰ ਇਸ ਦੀ ਰਿਪੋਰਟ ਕੀਤੀ ਗਈ ਤਾਂ ਉਸਨੂੰ ਭਿਆਨਕ ਸਿੱਟੇ ਭੁਗਤਣੇ ਪੈਣਗੇ।

ਲੋਕ ਸਭਾ ਤੋਂ ਅਸਤੀਫੇ ਬਕਾਇਆ ਸਵਾ 24 ਤੋਂ ਅਗੇ —

ਹੋਈਆਂ ਜਿਹਨਾਂ ਵਿਚ ਸਾਂਝੀ ਮੀਟਿੰਗ ਦੇ ਫੈਸਲਿਆਂ ਦੀ ਪੜਤਾਲ ਕੀਤੀ ਗਈ।

ਮੀਟਿੰਗ ਵਿਚ ਇਹ ਵੀ ਫੈਸਲਾ ਕੀਤਾ ਗਿਆ ਕਿ ਜੇ ਸਾਰੇ ਵਿਰੋਧੀ ਮੈਂਬਰ ਰਾਜ ਸਭਾ ਮੈਂਬਰ ਵਲੋਂ ਰਹਿਣਗੇ ਕਿਉਂਕਿ ਇਸ ਰਾਊਂਡ ਦੀ ਇਹ ਮਰਜ਼ੀ ਚਲਦੀ ਰਹਿੰਦੀ ਹੈ ਅਤੇ ਲੋਕਾਂ ਕਿਸੇ ਮੈਂਬਰ ਨੂੰ ਇਸ ਸਮੇਂ ਤਕ ਰਹਿਣ ਨਹੀਂ ਸਕਦੇ ਜਦੋਂ ਤਕ ਉਸਦਾ ਸਮਾਂ ਪੂਰਾ ਨਹੀਂ ਹੋ ਜਾਂਦਾ। ਵਿਰੋਧੀ ਪਾਰਟੀਆਂ ਦੇ ਇਸ ਫੈਸਲੇ ਨਾਲ ਸਾਰੇ ਸਿਆਸ ਦੇ ਸਿਆਸੀ ਹਲਕਿਆਂ ਵਿਚ ਹੈਰਾਨੀ ਪੈਦਾ ਹੋ ਗਈ ਹੈ ਅਤੇ ਰਾਜੀਵ ਗਾਂਧੀ ਤੇ ਉਸਦੀ ਕਾਂਗਰਸ ਪਾਰਟੀ ਇਸ ਵਾਰ ਵਿਚ ਖਾਮੋਸ਼ੀਆਂ ਦੇ ਜਾਲ ਵਿਚ ਫੱਸ ਗਏ ਹਨ ਅਤੇ ਹੁਣ ਉਨ੍ਹਾਂ ਦੇ ਸਿਆਸੀ ਭਵਿਖ ਬਾਰੇ ਕਿਸੇ ਨੂੰ ਵੀ ਸ਼ੱਕ ਨਹੀਂ ਰਹਿ ਗਿਆ ਜੋ ਇਨ੍ਹਾਂ ਘਟਨਿਆਂ ਕਾਰਨ ਖ਼ਤਮ ਹੁੰਦਾ ਦਿਖਾਈ ਦੇ ਰਿਹਾ ਹੈ।
